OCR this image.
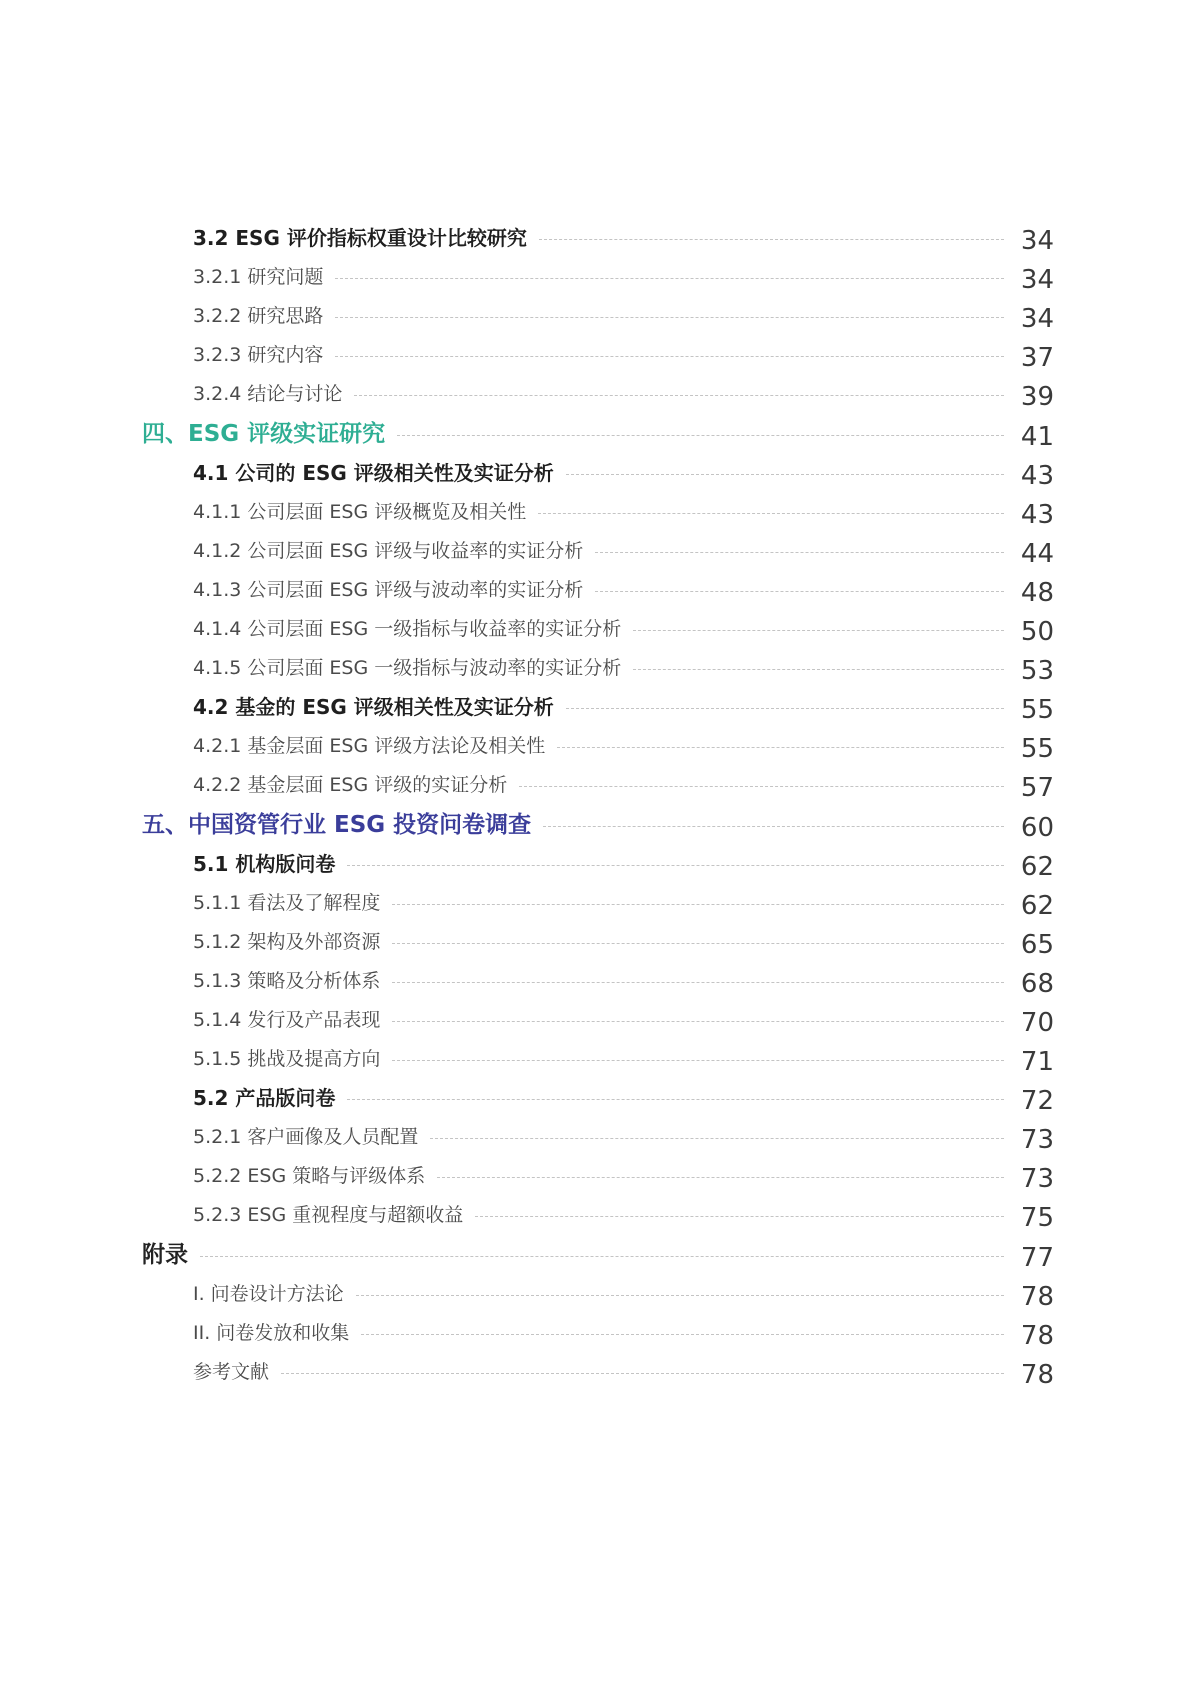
3.2 ESG 评价指标权重设计比较研究	34
3.2.1 研究问题	34
3.2.2 研究思路	34
3.2.3 研究内容	37
3.2.4 结论与讨论	39
四、ESG 评级实证研究	41
4.1 公司的 ESG 评级相关性及实证分析	43
4.1.1 公司层面 ESG 评级概览及相关性	43
4.1.2 公司层面 ESG 评级与收益率的实证分析	44
4.1.3 公司层面 ESG 评级与波动率的实证分析	48
4.1.4 公司层面 ESG 一级指标与收益率的实证分析	50
4.1.5 公司层面 ESG 一级指标与波动率的实证分析	53
4.2 基金的 ESG 评级相关性及实证分析	55
4.2.1 基金层面 ESG 评级方法论及相关性	55
4.2.2 基金层面 ESG 评级的实证分析	57
五、中国资管行业 ESG 投资问卷调查	60
5.1 机构版问卷	62
5.1.1 看法及了解程度	62
5.1.2 架构及外部资源	65
5.1.3 策略及分析体系	68
5.1.4 发行及产品表现	70
5.1.5 挑战及提高方向	71
5.2 产品版问卷	72
5.2.1 客户画像及人员配置	73
5.2.2 ESG 策略与评级体系	73
5.2.3 ESG 重视程度与超额收益	75
附录	77
I. 问卷设计方法论	78
II. 问卷发放和收集	78
参考文献	78
